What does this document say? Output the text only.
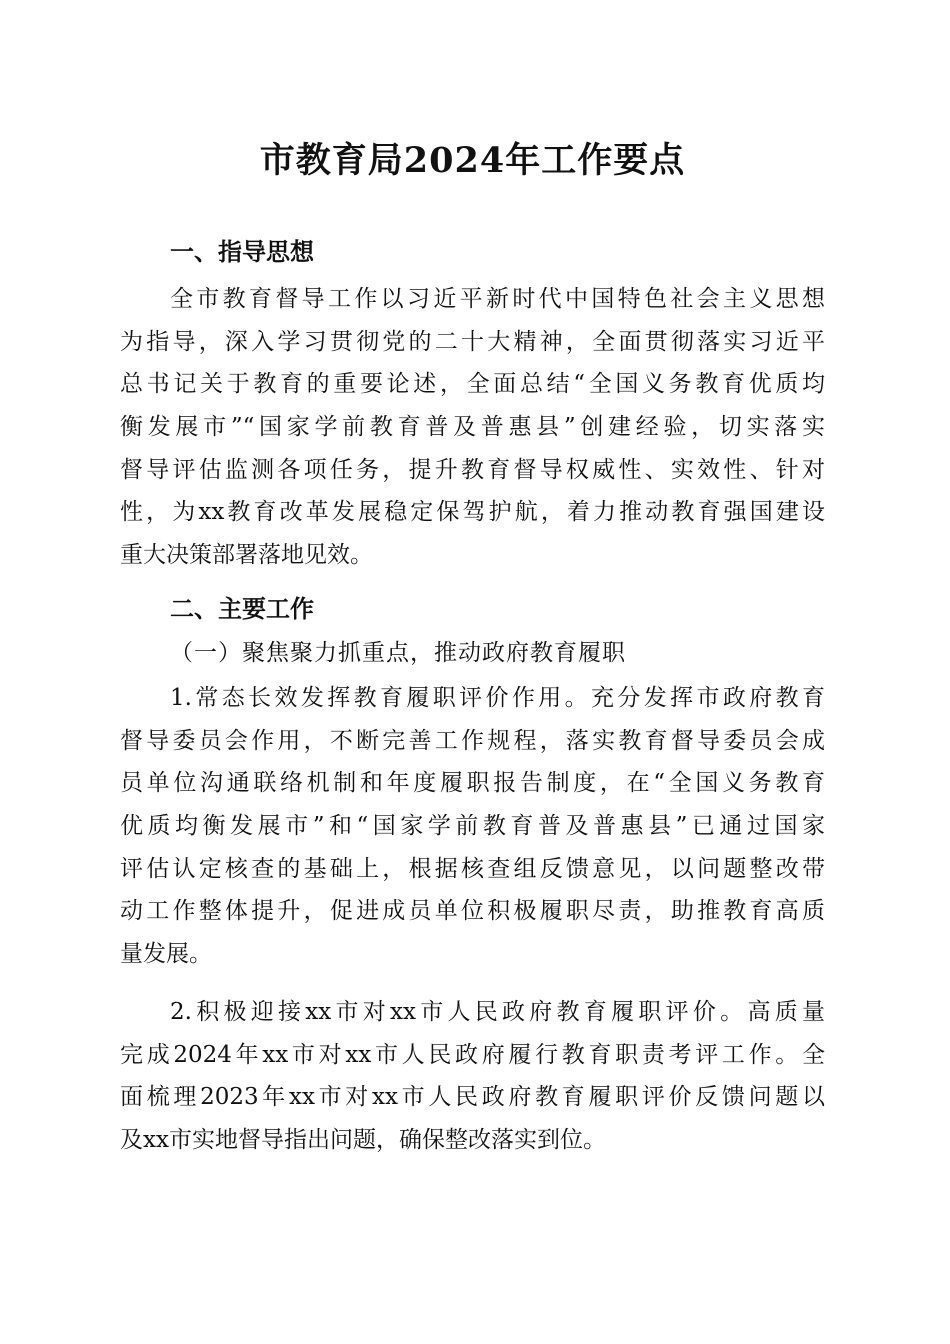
市教育局2024年工作要点
一、指导思想
全市教育督导工作以习近平新时代中国特色社会主义思想
为指导，深入学习贯彻党的二十大精神，全面贯彻落实习近平
总书记关于教育的重要论述，全面总结“全国义务教育优质均
衡发展市”“国家学前教育普及普惠县”创建经验，切实落实
督导评估监测各项任务，提升教育督导权威性、实效性、针对
性，为xx教育改革发展稳定保驾护航，着力推动教育强国建设
重大决策部署落地见效。
二、主要工作
（一）聚焦聚力抓重点，推动政府教育履职
1.常态长效发挥教育履职评价作用。充分发挥市政府教育
督导委员会作用，不断完善工作规程，落实教育督导委员会成
员单位沟通联络机制和年度履职报告制度，在“全国义务教育
优质均衡发展市”和“国家学前教育普及普惠县”已通过国家
评估认定核查的基础上，根据核查组反馈意见，以问题整改带
动工作整体提升，促进成员单位积极履职尽责，助推教育高质
量发展。
2.积极迎接xx市对xx市人民政府教育履职评价。高质量
完成2024年xx市对xx市人民政府履行教育职责考评工作。全
面梳理2023年xx市对xx市人民政府教育履职评价反馈问题以
及xx市实地督导指出问题，确保整改落实到位。
